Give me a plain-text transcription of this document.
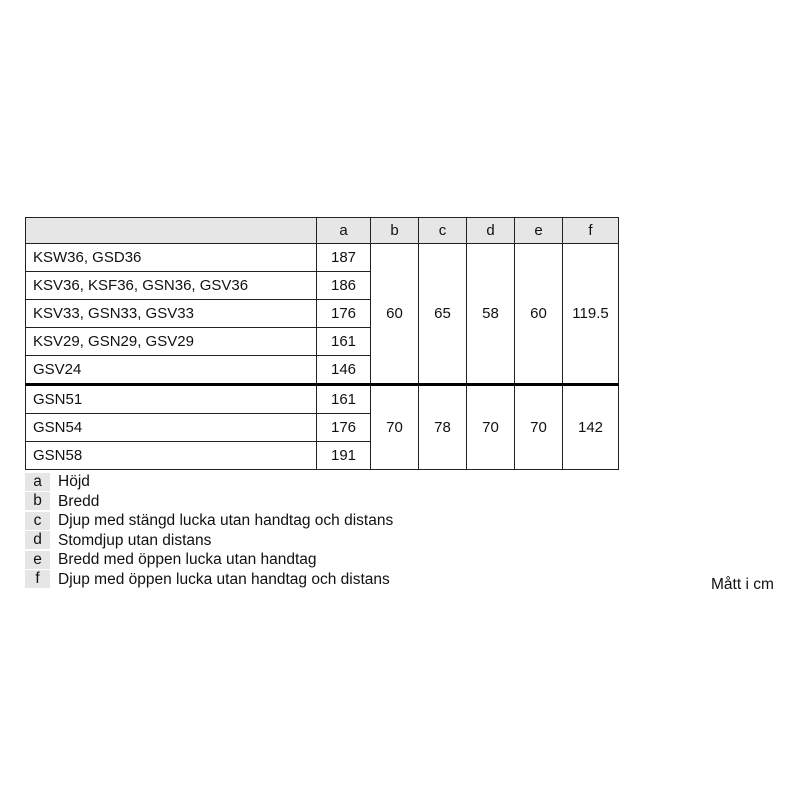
	a	b	c	d	e	f
KSW36, GSD36	187	60	65	58	60	119.5
KSV36, KSF36, GSN36, GSV36	186					
KSV33, GSN33, GSV33	176					
KSV29, GSN29, GSV29	161					
GSV24	146					
GSN51	161	70	78	70	70	142
GSN54	176					
GSN58	191					
a	Höjd
b	Bredd
c	Djup med stängd lucka utan handtag och distans
d	Stomdjup utan distans
e	Bredd med öppen lucka utan handtag
f	Djup med öppen lucka utan handtag och distans	Mått i cm
